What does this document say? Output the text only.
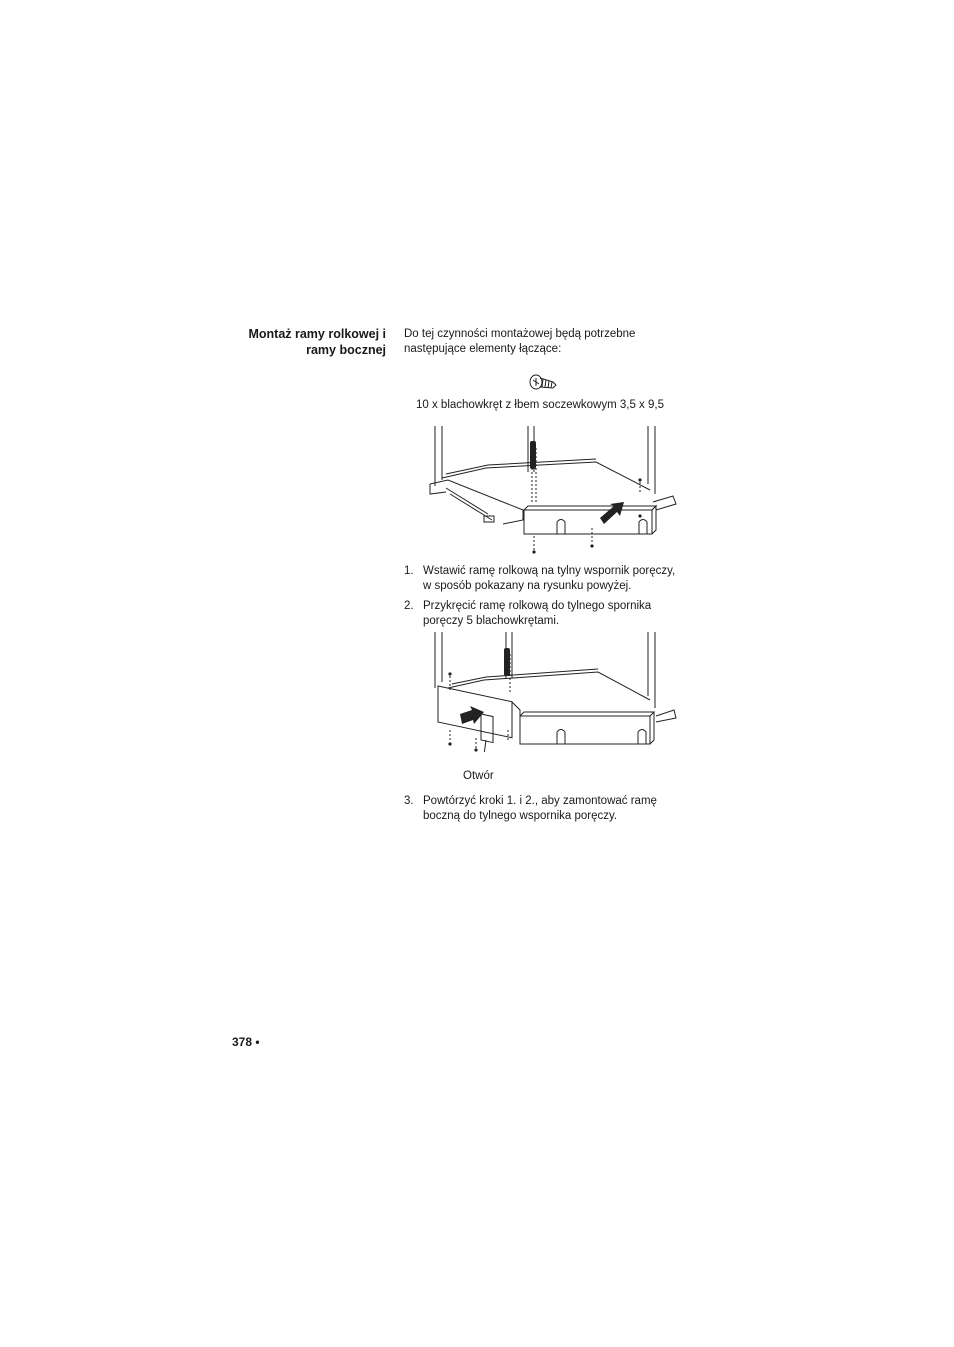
Montaż ramy rolkowej i
ramy bocznej
Do tej czynności montażowej będą potrzebne
następujące elementy łączące:
10 x blachowkręt z łbem soczewkowym 3,5 x 9,5
1. Wstawić ramę rolkową na tylny wspornik poręczy,
w sposób pokazany na rysunku powyżej.
2. Przykręcić ramę rolkową do tylnego spornika
poręczy 5 blachowkrętami.
Otwór
3. Powtórzyć kroki 1. i 2., aby zamontować ramę
boczną do tylnego wspornika poręczy.
378 •
